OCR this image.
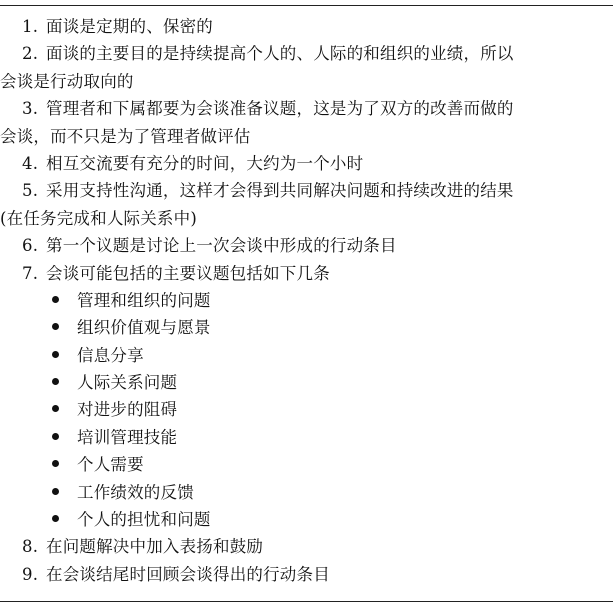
1. 面谈是定期的、保密的
2. 面谈的主要目的是持续提高个人的、人际的和组织的业绩，所以
会谈是行动取向的
3. 管理者和下属都要为会谈准备议题，这是为了双方的改善而做的
会谈，而不只是为了管理者做评估
4. 相互交流要有充分的时间，大约为一个小时
5. 采用支持性沟通，这样才会得到共同解决问题和持续改进的结果
(在任务完成和人际关系中)
6. 第一个议题是讨论上一次会谈中形成的行动条目
7. 会谈可能包括的主要议题包括如下几条
管理和组织的问题
组织价值观与愿景
信息分享
人际关系问题
对进步的阻碍
培训管理技能
个人需要
工作绩效的反馈
个人的担忧和问题
8. 在问题解决中加入表扬和鼓励
9. 在会谈结尾时回顾会谈得出的行动条目
